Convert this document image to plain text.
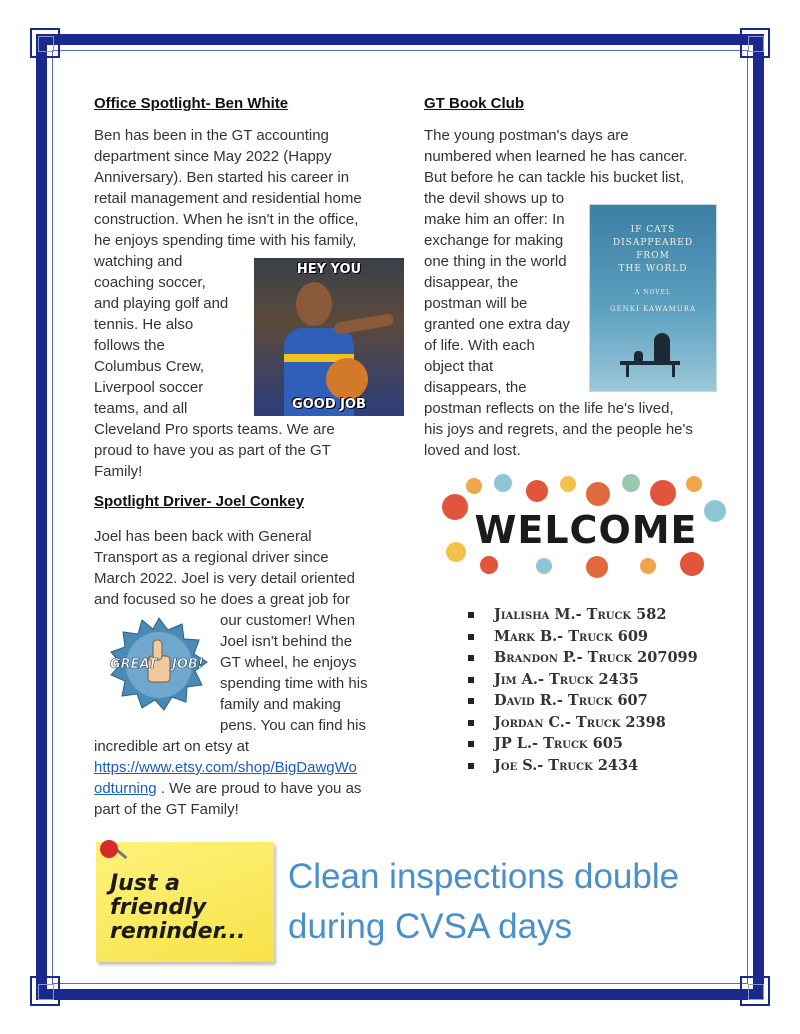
Office Spotlight- Ben White
Ben has been in the GT accounting
department since May 2022 (Happy
Anniversary). Ben started his career in
retail management and residential home
construction. When he isn't in the office,
he enjoys spending time with his family,
watching and
coaching soccer,
and playing golf and
tennis. He also
follows the
Columbus Crew,
Liverpool soccer
teams, and all
Cleveland Pro sports teams. We are
proud to have you as part of the GT
Family!
HEY YOU
GOOD JOB
GT Book Club
The young postman's days are
numbered when learned he has cancer.
But before he can tackle his bucket list,
the devil shows up to
make him an offer: In
exchange for making
one thing in the world
disappear, the
postman will be
granted one extra day
of life. With each
object that
disappears, the
postman reflects on the life he's lived,
his joys and regrets, and the people he's
loved and lost.
IF CATS
DISAPPEARED
FROM
THE WORLD
A NOVEL
GENKI KAWAMURA
Spotlight Driver- Joel Conkey
Joel has been back with General
Transport as a regional driver since
March 2022. Joel is very detail oriented
and focused so he does a great job for
our customer! When
Joel isn't behind the
GT wheel, he enjoys
spending time with his
family and making
pens. You can find his
incredible art on etsy at
GREAT JOB!
https://www.etsy.com/shop/BigDawgWo
odturning . We are proud to have you as
part of the GT Family!
WELCOME
Jialisha M.- Truck 582
Mark B.- Truck 609
Brandon P.- Truck 207099
Jim A.- Truck 2435
David R.- Truck 607
Jordan C.- Truck 2398
JP L.- Truck 605
Joe S.- Truck 2434
Just a
friendly
reminder...
Clean inspections double
during CVSA days
